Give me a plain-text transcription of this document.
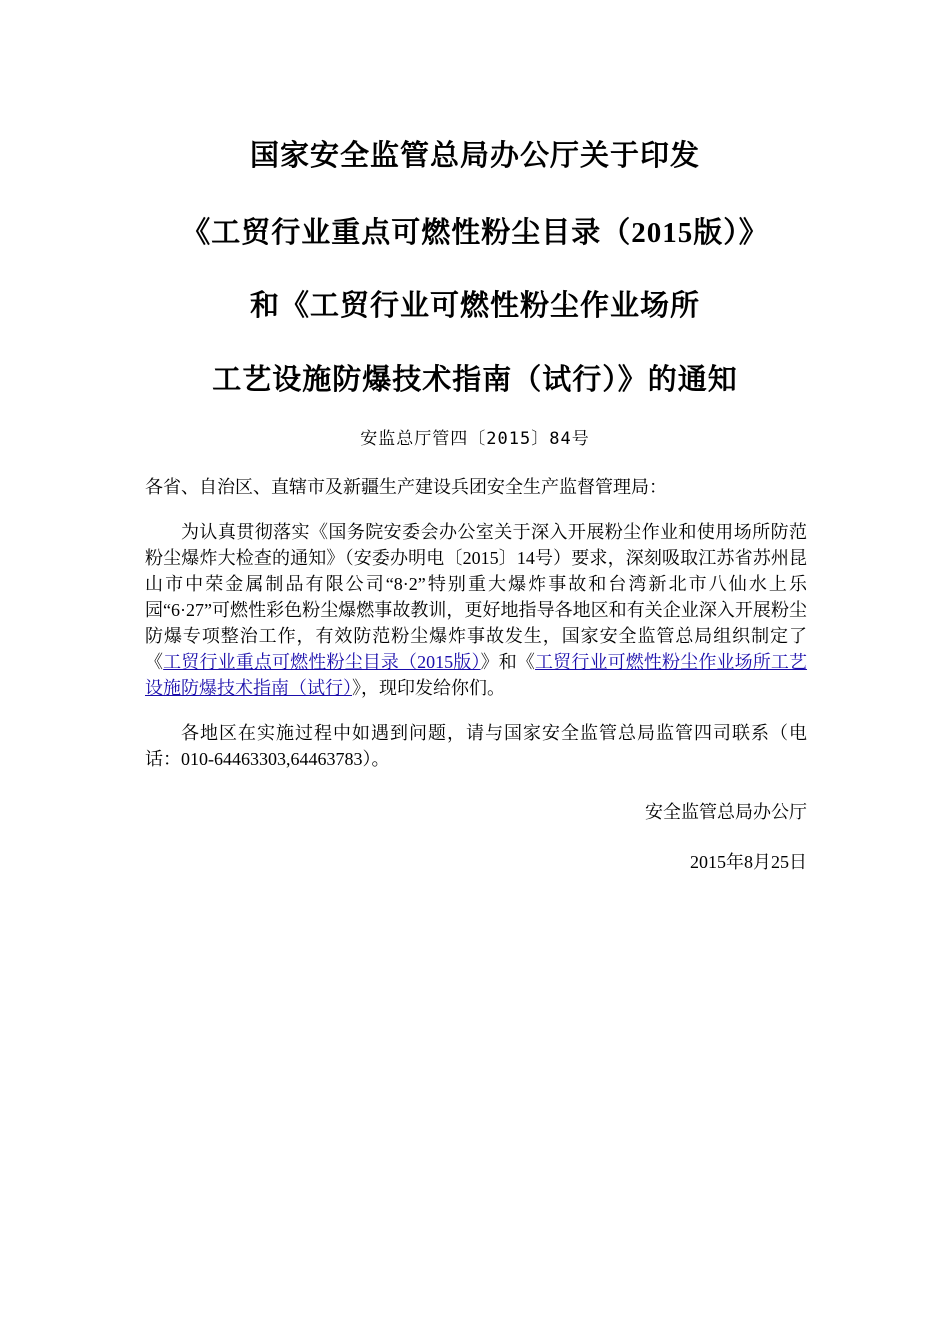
国家安全监管总局办公厅关于印发
《工贸行业重点可燃性粉尘目录（2015版）》
和《工贸行业可燃性粉尘作业场所
工艺设施防爆技术指南（试行）》的通知
安监总厅管四〔2015〕84号
各省、自治区、直辖市及新疆生产建设兵团安全生产监督管理局：
为认真贯彻落实《国务院安委会办公室关于深入开展粉尘作业和使用场所防范粉尘爆炸大检查的通知》（安委办明电〔2015〕14号）要求，深刻吸取江苏省苏州昆山市中荣金属制品有限公司“8·2”特别重大爆炸事故和台湾新北市八仙水上乐园“6·27”可燃性彩色粉尘爆燃事故教训，更好地指导各地区和有关企业深入开展粉尘防爆专项整治工作，有效防范粉尘爆炸事故发生，国家安全监管总局组织制定了《工贸行业重点可燃性粉尘目录（2015版）》和《工贸行业可燃性粉尘作业场所工艺设施防爆技术指南（试行）》，现印发给你们。
各地区在实施过程中如遇到问题，请与国家安全监管总局监管四司联系（电话：010-64463303,64463783）。
安全监管总局办公厅
2015年8月25日
